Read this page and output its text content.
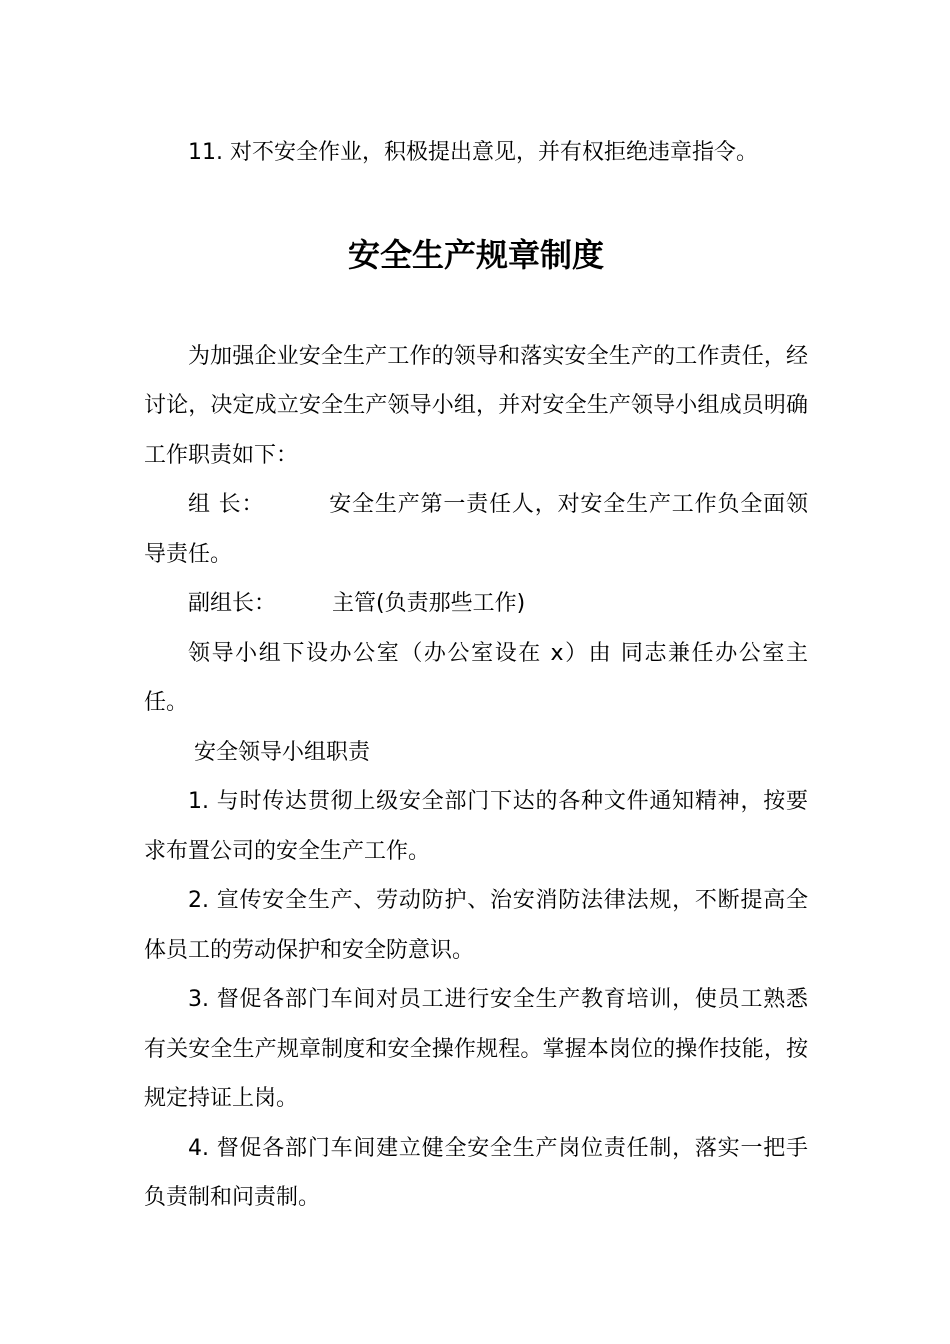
11. 对不安全作业，积极提出意见，并有权拒绝违章指令。

安全生产规章制度

为加强企业安全生产工作的领导和落实安全生产的工作责任，经讨论，决定成立安全生产领导小组，并对安全生产领导小组成员明确工作职责如下：

组 长：	安全生产第一责任人，对安全生产工作负全面领导责任。

副组长：	主管(负责那些工作)

领导小组下设办公室（办公室设在 x）由 同志兼任办公室主任。

安全领导小组职责

1. 与时传达贯彻上级安全部门下达的各种文件通知精神，按要求布置公司的安全生产工作。

2. 宣传安全生产、劳动防护、治安消防法律法规，不断提高全体员工的劳动保护和安全防意识。

3. 督促各部门车间对员工进行安全生产教育培训，使员工熟悉有关安全生产规章制度和安全操作规程。掌握本岗位的操作技能，按规定持证上岗。

4. 督促各部门车间建立健全安全生产岗位责任制，落实一把手负责制和问责制。
